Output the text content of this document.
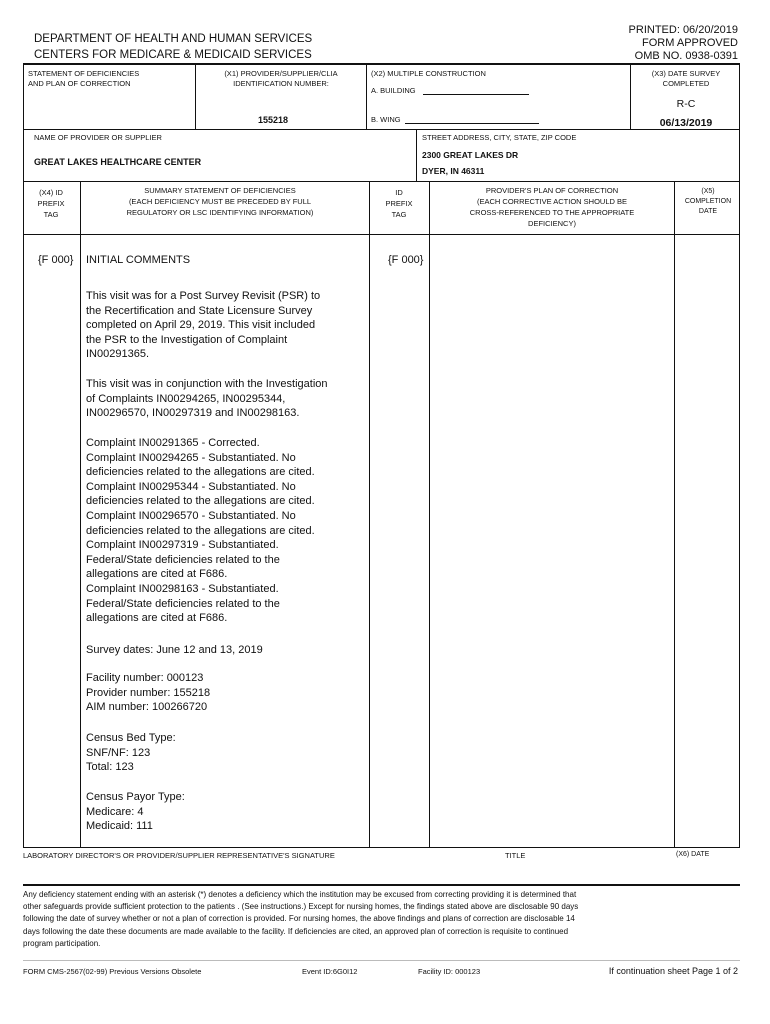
PRINTED: 06/20/2019
FORM APPROVED
OMB NO. 0938-0391
DEPARTMENT OF HEALTH AND HUMAN SERVICES
CENTERS FOR MEDICARE & MEDICAID SERVICES
STATEMENT OF DEFICIENCIES
AND PLAN OF CORRECTION
(X1) PROVIDER/SUPPLIER/CLIA
IDENTIFICATION NUMBER:
155218
(X2) MULTIPLE CONSTRUCTION
A. BUILDING
B. WING
(X3) DATE SURVEY
COMPLETED
R-C
06/13/2019
NAME OF PROVIDER OR SUPPLIER
GREAT LAKES HEALTHCARE CENTER
STREET ADDRESS, CITY, STATE, ZIP CODE
2300 GREAT LAKES DR
DYER, IN 46311
(X4) ID
PREFIX
TAG
SUMMARY STATEMENT OF DEFICIENCIES
(EACH DEFICIENCY MUST BE PRECEDED BY FULL
REGULATORY OR LSC IDENTIFYING INFORMATION)
ID
PREFIX
TAG
PROVIDER'S PLAN OF CORRECTION
(EACH CORRECTIVE ACTION SHOULD BE
CROSS-REFERENCED TO THE APPROPRIATE
DEFICIENCY)
(X5)
COMPLETION
DATE
{F 000} INITIAL COMMENTS	{F 000}
This visit was for a Post Survey Revisit (PSR) to
the Recertification and State Licensure Survey
completed on April 29, 2019. This visit included
the PSR to the Investigation of Complaint
IN00291365.
This visit was in conjunction with the Investigation
of Complaints IN00294265, IN00295344,
IN00296570, IN00297319 and IN00298163.
Complaint IN00291365 - Corrected.
Complaint IN00294265 - Substantiated. No
deficiencies related to the allegations are cited.
Complaint IN00295344 - Substantiated. No
deficiencies related to the allegations are cited.
Complaint IN00296570 - Substantiated. No
deficiencies related to the allegations are cited.
Complaint IN00297319 - Substantiated.
Federal/State deficiencies related to the
allegations are cited at F686.
Complaint IN00298163 - Substantiated.
Federal/State deficiencies related to the
allegations are cited at F686.
Survey dates: June 12 and 13, 2019
Facility number: 000123
Provider number: 155218
AIM number: 100266720
Census Bed Type:
SNF/NF: 123
Total: 123
Census Payor Type:
Medicare: 4
Medicaid: 111
LABORATORY DIRECTOR'S OR PROVIDER/SUPPLIER REPRESENTATIVE'S SIGNATURE	TITLE	(X6) DATE
Any deficiency statement ending with an asterisk (*) denotes a deficiency which the institution may be excused from correcting providing it is determined that
other safeguards provide sufficient protection to the patients . (See instructions.) Except for nursing homes, the findings stated above are disclosable 90 days
following the date of survey whether or not a plan of correction is provided. For nursing homes, the above findings and plans of correction are disclosable 14
days following the date these documents are made available to the facility. If deficiencies are cited, an approved plan of correction is requisite to continued
program participation.
FORM CMS-2567(02-99) Previous Versions Obsolete	Event ID:6G0I12	Facility ID: 000123	If continuation sheet Page 1 of 2
